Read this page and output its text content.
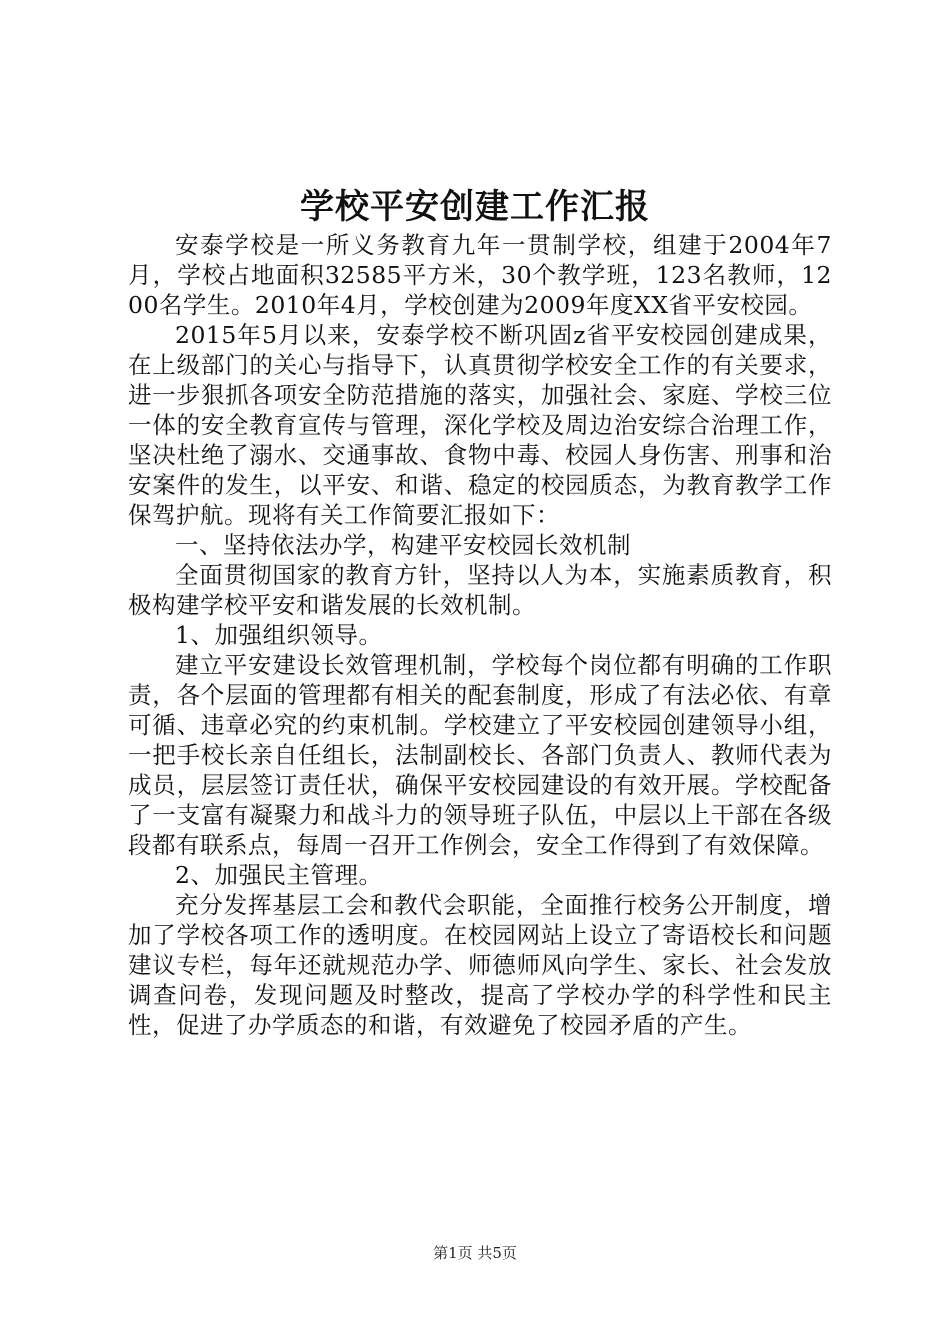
学校平安创建工作汇报

安泰学校是一所义务教育九年一贯制学校，组建于2004年7月，学校占地面积32585平方米，30个教学班，123名教师，1200名学生。2010年4月，学校创建为2009年度XX省平安校园。

2015年5月以来，安泰学校不断巩固z省平安校园创建成果，在上级部门的关心与指导下，认真贯彻学校安全工作的有关要求，进一步狠抓各项安全防范措施的落实，加强社会、家庭、学校三位一体的安全教育宣传与管理，深化学校及周边治安综合治理工作，坚决杜绝了溺水、交通事故、食物中毒、校园人身伤害、刑事和治安案件的发生，以平安、和谐、稳定的校园质态，为教育教学工作保驾护航。现将有关工作简要汇报如下：

一、坚持依法办学，构建平安校园长效机制

全面贯彻国家的教育方针，坚持以人为本，实施素质教育，积极构建学校平安和谐发展的长效机制。

1、加强组织领导。

建立平安建设长效管理机制，学校每个岗位都有明确的工作职责，各个层面的管理都有相关的配套制度，形成了有法必依、有章可循、违章必究的约束机制。学校建立了平安校园创建领导小组，一把手校长亲自任组长，法制副校长、各部门负责人、教师代表为成员，层层签订责任状，确保平安校园建设的有效开展。学校配备了一支富有凝聚力和战斗力的领导班子队伍，中层以上干部在各级段都有联系点，每周一召开工作例会，安全工作得到了有效保障。

2、加强民主管理。

充分发挥基层工会和教代会职能，全面推行校务公开制度，增加了学校各项工作的透明度。在校园网站上设立了寄语校长和问题建议专栏，每年还就规范办学、师德师风向学生、家长、社会发放调查问卷，发现问题及时整改，提高了学校办学的科学性和民主性，促进了办学质态的和谐，有效避免了校园矛盾的产生。

第1页 共5页
